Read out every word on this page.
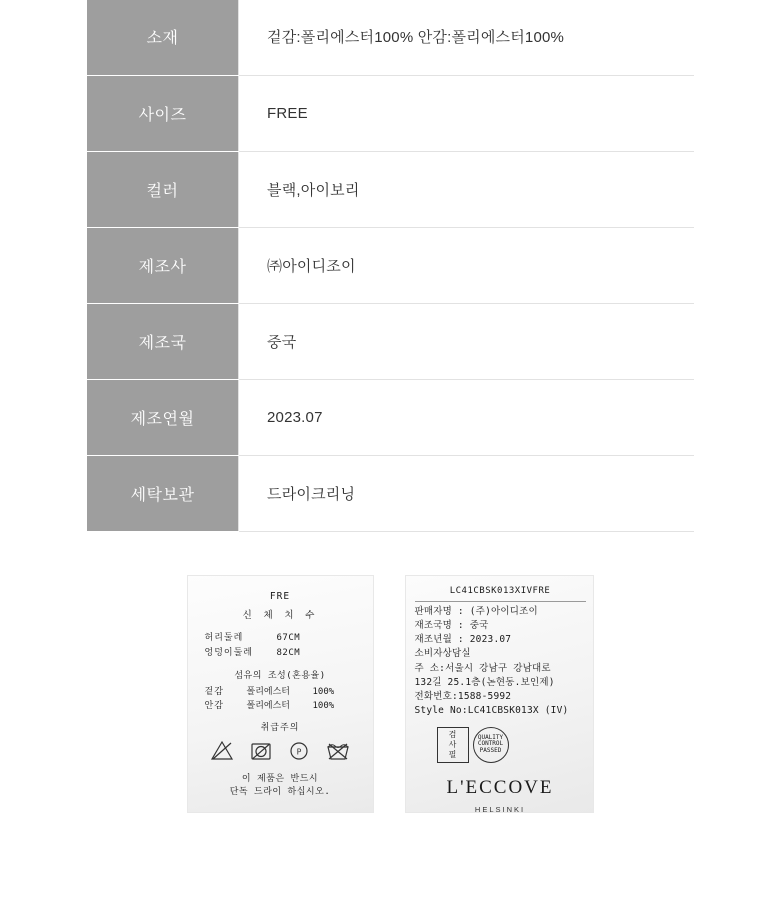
소재	겉감:폴리에스터100% 안감:폴리에스터100%
사이즈	FREE
컬러	블랙,아이보리
제조사	㈜아이디조이
제조국	중국
제조연월	2023.07
세탁보관	드라이크리닝
FRE
신 체 치 수
허리둘레	67CM
엉덩이둘레	82CM
섬유의 조성(혼용율)
겉감	폴리에스터	100%
안감	폴리에스터	100%
취급주의
P
이 제품은 반드시
단독 드라이 하십시오.
LC41CBSK013XIVFRE
판매자명 : (주)아이디조이
재조국명 : 중국
재조년월 : 2023.07
소비자상담실
주 소:서울시 강남구 강남대로
132길 25.1층(논현동.보인제)
전화번호:1588-5992
Style No:LC41CBSK013X (IV)
검
사
필
QUALITY CONTROL PASSED
L'ECCOVE
HELSINKI
